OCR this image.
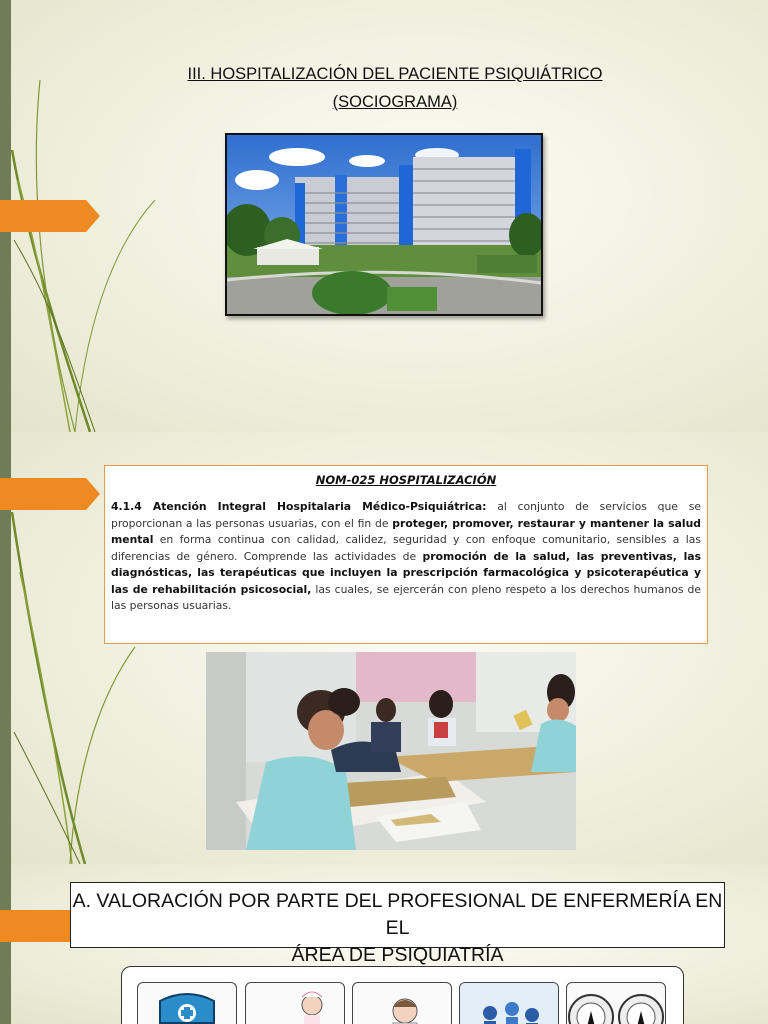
III. HOSPITALIZACIÓN DEL PACIENTE PSIQUIÁTRICO
(SOCIOGRAMA)
NOM-025 HOSPITALIZACIÓN

4.1.4 Atención Integral Hospitalaria Médico-Psiquiátrica: al conjunto de servicios que se proporcionan a las personas usuarias, con el fin de proteger, promover, restaurar y mantener la salud mental en forma continua con calidad, calidez, seguridad y con enfoque comunitario, sensibles a las diferencias de género. Comprende las actividades de promoción de la salud, las preventivas, las diagnósticas, las terapéuticas que incluyen la prescripción farmacológica y psicoterapéutica y las de rehabilitación psicosocial, las cuales, se ejercerán con pleno respeto a los derechos humanos de las personas usuarias.

A. VALORACIÓN POR PARTE DEL PROFESIONAL DE ENFERMERÍA EN EL
ÁREA DE PSIQUIATRÍA
